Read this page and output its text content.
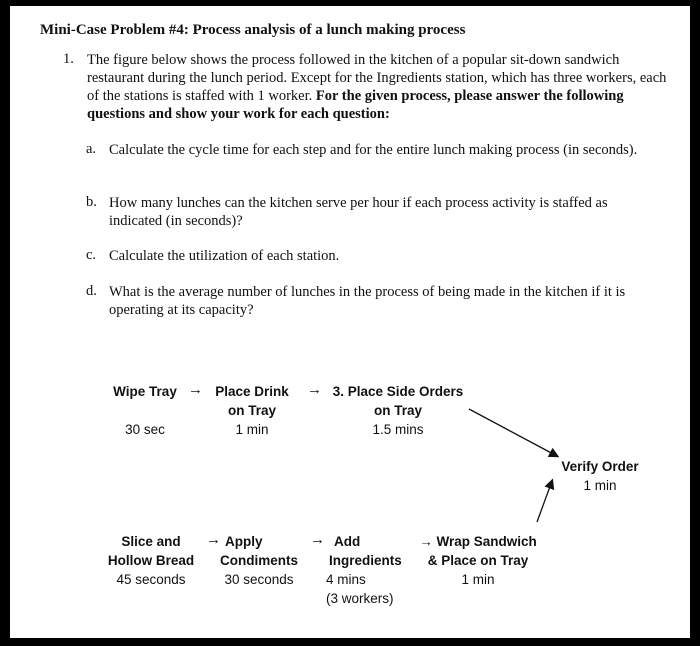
Mini-Case Problem #4: Process analysis of a lunch making process
1. The figure below shows the process followed in the kitchen of a popular sit-down sandwich restaurant during the lunch period. Except for the Ingredients station, which has three workers, each of the stations is staffed with 1 worker. For the given process, please answer the following questions and show your work for each question:
a. Calculate the cycle time for each step and for the entire lunch making process (in seconds).
b. How many lunches can the kitchen serve per hour if each process activity is staffed as indicated (in seconds)?
c. Calculate the utilization of each station.
d. What is the average number of lunches in the process of being made in the kitchen if it is operating at its capacity?
Wipe Tray

30 sec
→ Place Drink
on Tray
1 min
→ 3. Place Side Orders
on Tray
1.5 mins
Verify Order
1 min
Slice and
Hollow Bread
45 seconds
→ Apply
Condiments
30 seconds
→ Add
Ingredients
4 mins
(3 workers)
→ Wrap Sandwich
& Place on Tray
1 min
